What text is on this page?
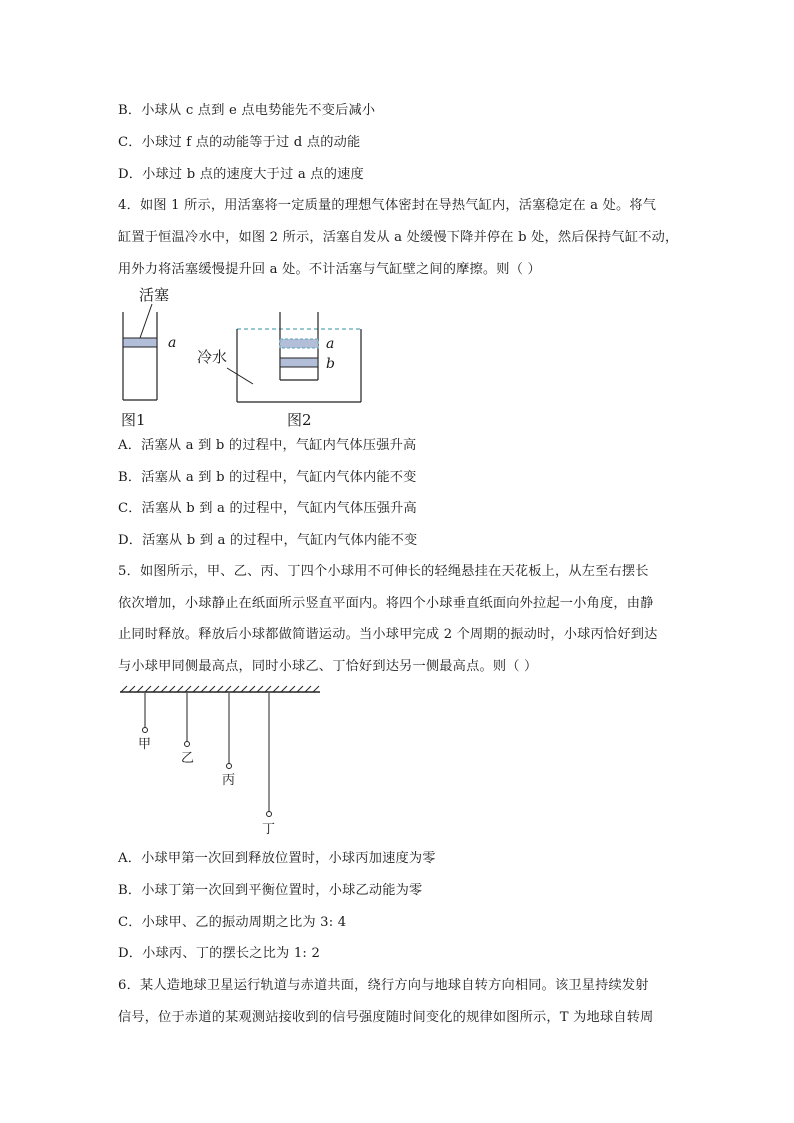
B．小球从 c 点到 e 点电势能先不变后减小
C．小球过 f 点的动能等于过 d 点的动能
D．小球过 b 点的速度大于过 a 点的速度
4．如图 1 所示，用活塞将一定质量的理想气体密封在导热气缸内，活塞稳定在 a 处。将气
缸置于恒温冷水中，如图 2 所示，活塞自发从 a 处缓慢下降并停在 b 处，然后保持气缸不动，
用外力将活塞缓慢提升回 a 处。不计活塞与气缸壁之间的摩擦。则（ ）
活塞
a
图1
a
b
冷水
图2
A．活塞从 a 到 b 的过程中，气缸内气体压强升高
B．活塞从 a 到 b 的过程中，气缸内气体内能不变
C．活塞从 b 到 a 的过程中，气缸内气体压强升高
D．活塞从 b 到 a 的过程中，气缸内气体内能不变
5．如图所示，甲、乙、丙、丁四个小球用不可伸长的轻绳悬挂在天花板上，从左至右摆长
依次增加，小球静止在纸面所示竖直平面内。将四个小球垂直纸面向外拉起一小角度，由静
止同时释放。释放后小球都做简谐运动。当小球甲完成 2 个周期的振动时，小球丙恰好到达
与小球甲同侧最高点，同时小球乙、丁恰好到达另一侧最高点。则（ ）
甲
乙
丙
丁
A．小球甲第一次回到释放位置时，小球丙加速度为零
B．小球丁第一次回到平衡位置时，小球乙动能为零
C．小球甲、乙的振动周期之比为 3: 4
D．小球丙、丁的摆长之比为 1: 2
6．某人造地球卫星运行轨道与赤道共面，绕行方向与地球自转方向相同。该卫星持续发射
信号，位于赤道的某观测站接收到的信号强度随时间变化的规律如图所示，T 为地球自转周
